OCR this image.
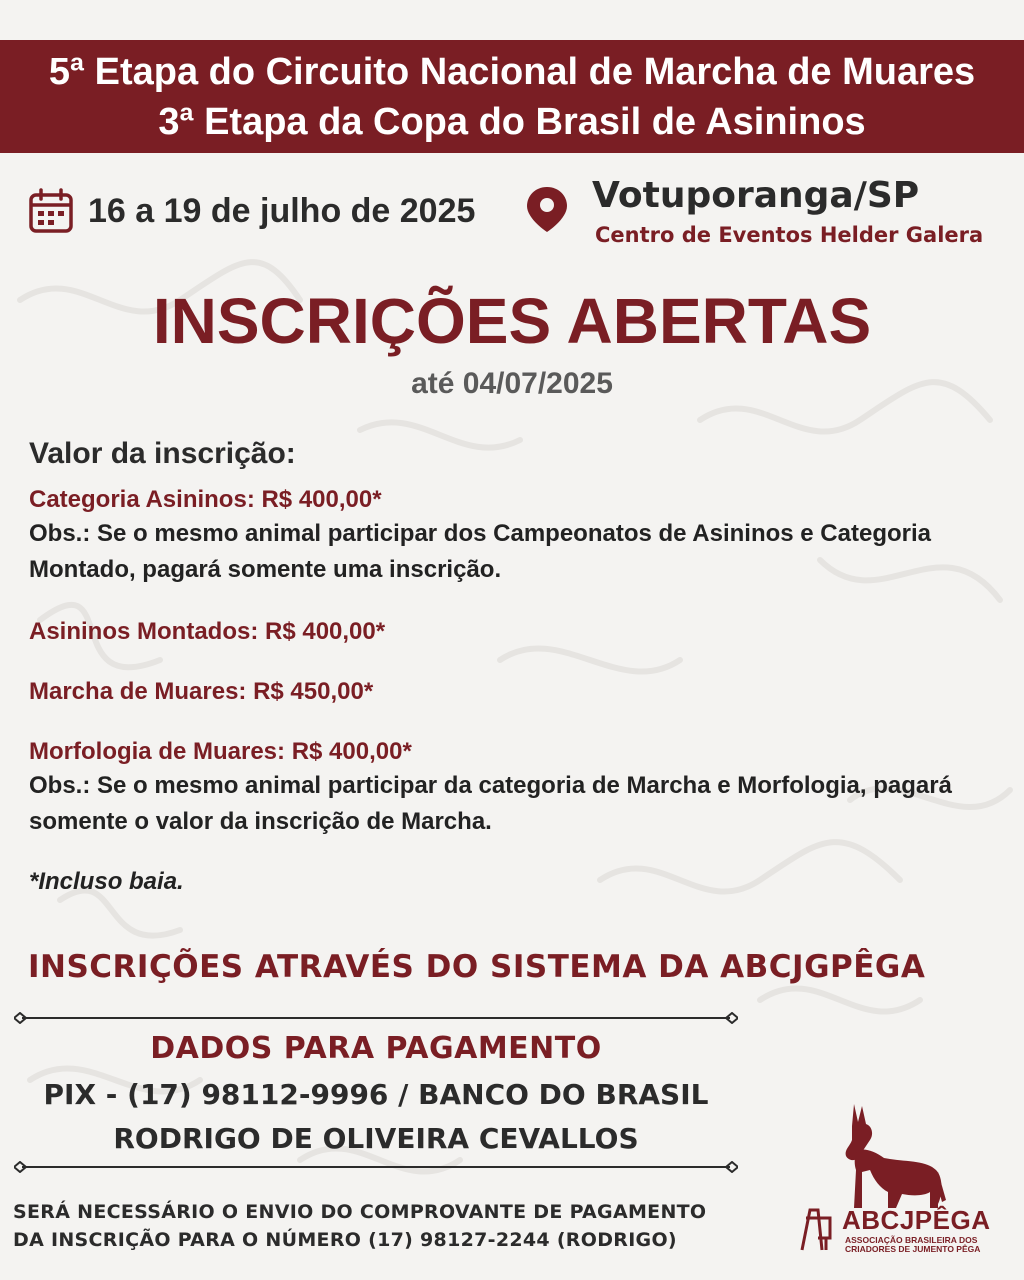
5ª Etapa do Circuito Nacional de Marcha de Muares
3ª Etapa da Copa do Brasil de Asininos
16 a 19 de julho de 2025	Votuporanga/SP
Centro de Eventos Helder Galera
INSCRIÇÕES ABERTAS
até 04/07/2025
Valor da inscrição:
Categoria Asininos: R$ 400,00*
Obs.: Se o mesmo animal participar dos Campeonatos de Asininos e Categoria Montado, pagará somente uma inscrição.
Asininos Montados: R$ 400,00*
Marcha de Muares: R$ 450,00*
Morfologia de Muares: R$ 400,00*
Obs.: Se o mesmo animal participar da categoria de Marcha e Morfologia, pagará somente o valor da inscrição de Marcha.
*Incluso baia.
INSCRIÇÕES ATRAVÉS DO SISTEMA DA ABCJGPÊGA
DADOS PARA PAGAMENTO
PIX - (17) 98112-9996 / BANCO DO BRASIL
RODRIGO DE OLIVEIRA CEVALLOS
SERÁ NECESSÁRIO O ENVIO DO COMPROVANTE DE PAGAMENTO
DA INSCRIÇÃO PARA O NÚMERO (17) 98127-2244 (RODRIGO)
ABCJPÊGA
ASSOCIAÇÃO BRASILEIRA DOS
CRIADORES DE JUMENTO PÊGA
